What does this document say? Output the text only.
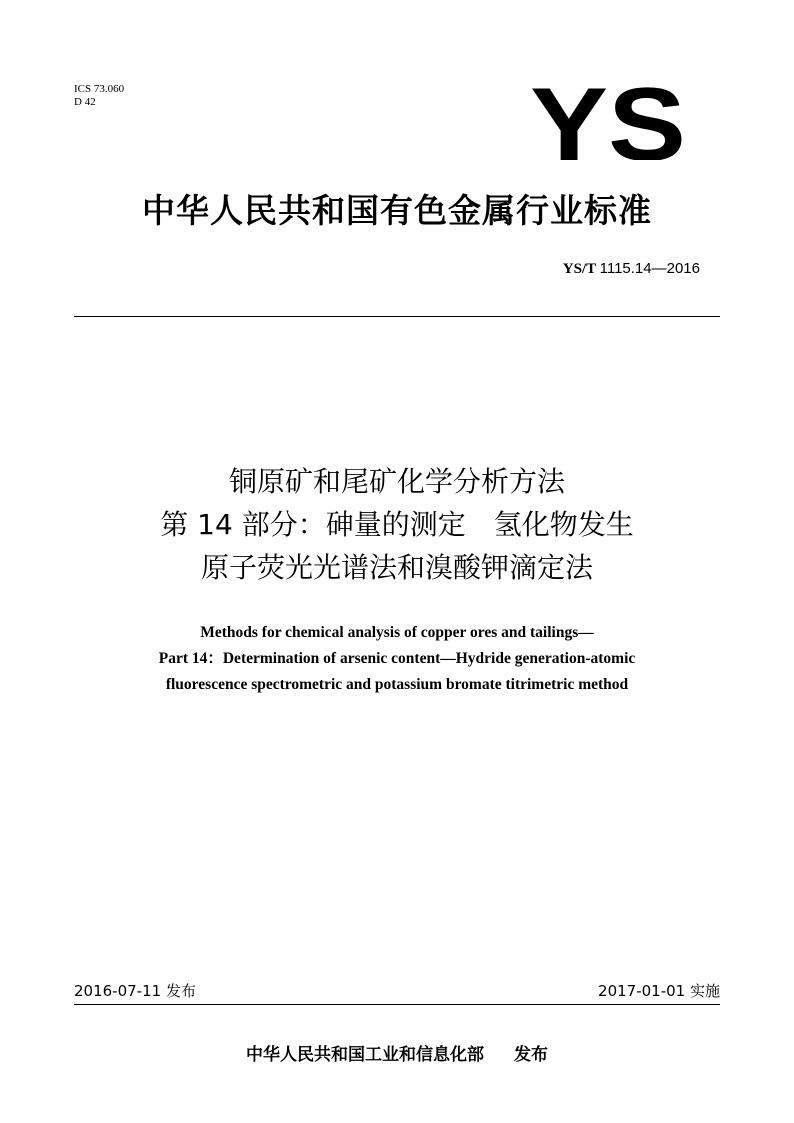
ICS 73.060
D 42	YS
中华人民共和国有色金属行业标准
YS/T 1115.14—2016
铜原矿和尾矿化学分析方法
第 14 部分：砷量的测定　氢化物发生
原子荧光光谱法和溴酸钾滴定法
Methods for chemical analysis of copper ores and tailings—
Part 14：Determination of arsenic content—Hydride generation-atomic
fluorescence spectrometric and potassium bromate titrimetric method
2016-07-11 发布	2017-01-01 实施
中华人民共和国工业和信息化部 发布
